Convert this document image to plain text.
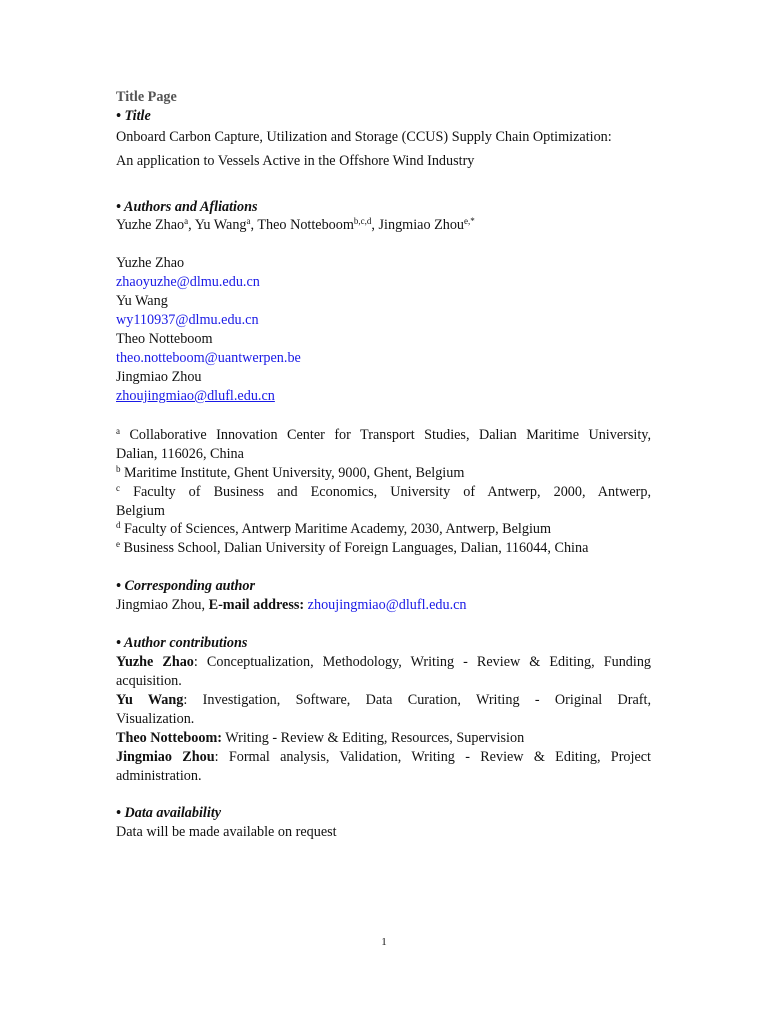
Title Page
• Title
Onboard Carbon Capture, Utilization and Storage (CCUS) Supply Chain Optimization:
An application to Vessels Active in the Offshore Wind Industry
• Authors and Afliations
Yuzhe Zhao$^a$, Yu Wang$^a$, Theo Notteboom$^{b,c,d}$, Jingmiao Zhou$^{e,*}$
Yuzhe Zhao
zhaoyuzhe@dlmu.edu.cn
Yu Wang
wy110937@dlmu.edu.cn
Theo Notteboom
theo.notteboom@uantwerpen.be
Jingmiao Zhou
zhoujingmiao@dlufl.edu.cn
$^a$ Collaborative Innovation Center for Transport Studies, Dalian Maritime University,
Dalian, 116026, China
$^b$ Maritime Institute, Ghent University, 9000, Ghent, Belgium
$^c$ Faculty of Business and Economics, University of Antwerp, 2000, Antwerp,
Belgium
$^d$ Faculty of Sciences, Antwerp Maritime Academy, 2030, Antwerp, Belgium
$^e$ Business School, Dalian University of Foreign Languages, Dalian, 116044, China
• Corresponding author
Jingmiao Zhou, E-mail address: zhoujingmiao@dlufl.edu.cn
• Author contributions
Yuzhe Zhao: Conceptualization, Methodology, Writing - Review & Editing, Funding
acquisition.
Yu Wang: Investigation, Software, Data Curation, Writing - Original Draft,
Visualization.
Theo Notteboom: Writing - Review & Editing, Resources, Supervision
Jingmiao Zhou: Formal analysis, Validation, Writing - Review & Editing, Project
administration.
• Data availability
Data will be made available on request
1
